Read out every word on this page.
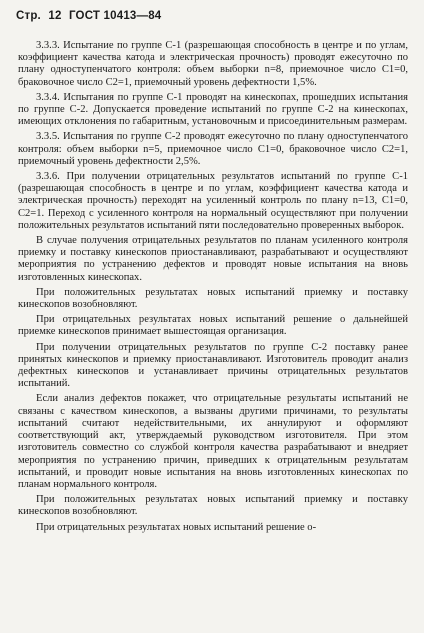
Стр. 12 ГОСТ 10413—84

3.3.3. Испытание по группе С-1 (разрешающая способность в центре и по углам, коэффициент качества катода и электрическая прочность) проводят ежесуточно по плану одноступенчатого контроля: объем выборки n=8, приемочное число C1=0, браковочное число C2=1, приемочный уровень дефектности 1,5%.

3.3.4. Испытания по группе С-1 проводят на кинескопах, прошедших испытания по группе С-2. Допускается проведение испытаний по группе С-2 на кинескопах, имеющих отклонения по габаритным, установочным и присоединительным размерам.

3.3.5. Испытания по группе С-2 проводят ежесуточно по плану одноступенчатого контроля: объем выборки n=5, приемочное число C1=0, браковочное число C2=1, приемочный уровень дефектности 2,5%.

3.3.6. При получении отрицательных результатов испытаний по группе С-1 (разрешающая способность в центре и по углам, коэффициент качества катода и электрическая прочность) переходят на усиленный контроль по плану n=13, C1=0, C2=1. Переход с усиленного контроля на нормальный осуществляют при получении положительных результатов испытаний пяти последовательно проверенных выборок.

В случае получения отрицательных результатов по планам усиленного контроля приемку и поставку кинескопов приостанавливают, разрабатывают и осуществляют мероприятия по устранению дефектов и проводят новые испытания на вновь изготовленных кинескопах.

При положительных результатах новых испытаний приемку и поставку кинескопов возобновляют.

При отрицательных результатах новых испытаний решение о дальнейшей приемке кинескопов принимает вышестоящая организация.

При получении отрицательных результатов по группе С-2 поставку ранее принятых кинескопов и приемку приостанавливают. Изготовитель проводит анализ дефектных кинескопов и устанавливает причины отрицательных результатов испытаний.

Если анализ дефектов покажет, что отрицательные результаты испытаний не связаны с качеством кинескопов, а вызваны другими причинами, то результаты испытаний считают недействительными, их аннулируют и оформляют соответствующий акт, утверждаемый руководством изготовителя. При этом изготовитель совместно со службой контроля качества разрабатывают и внедряет мероприятия по устранению причин, приведших к отрицательным результатам испытаний, и проводит новые испытания на вновь изготовленных кинескопах по планам нормального контроля.

При положительных результатах новых испытаний приемку и поставку кинескопов возобновляют.

При отрицательных результатах новых испытаний решение о-
